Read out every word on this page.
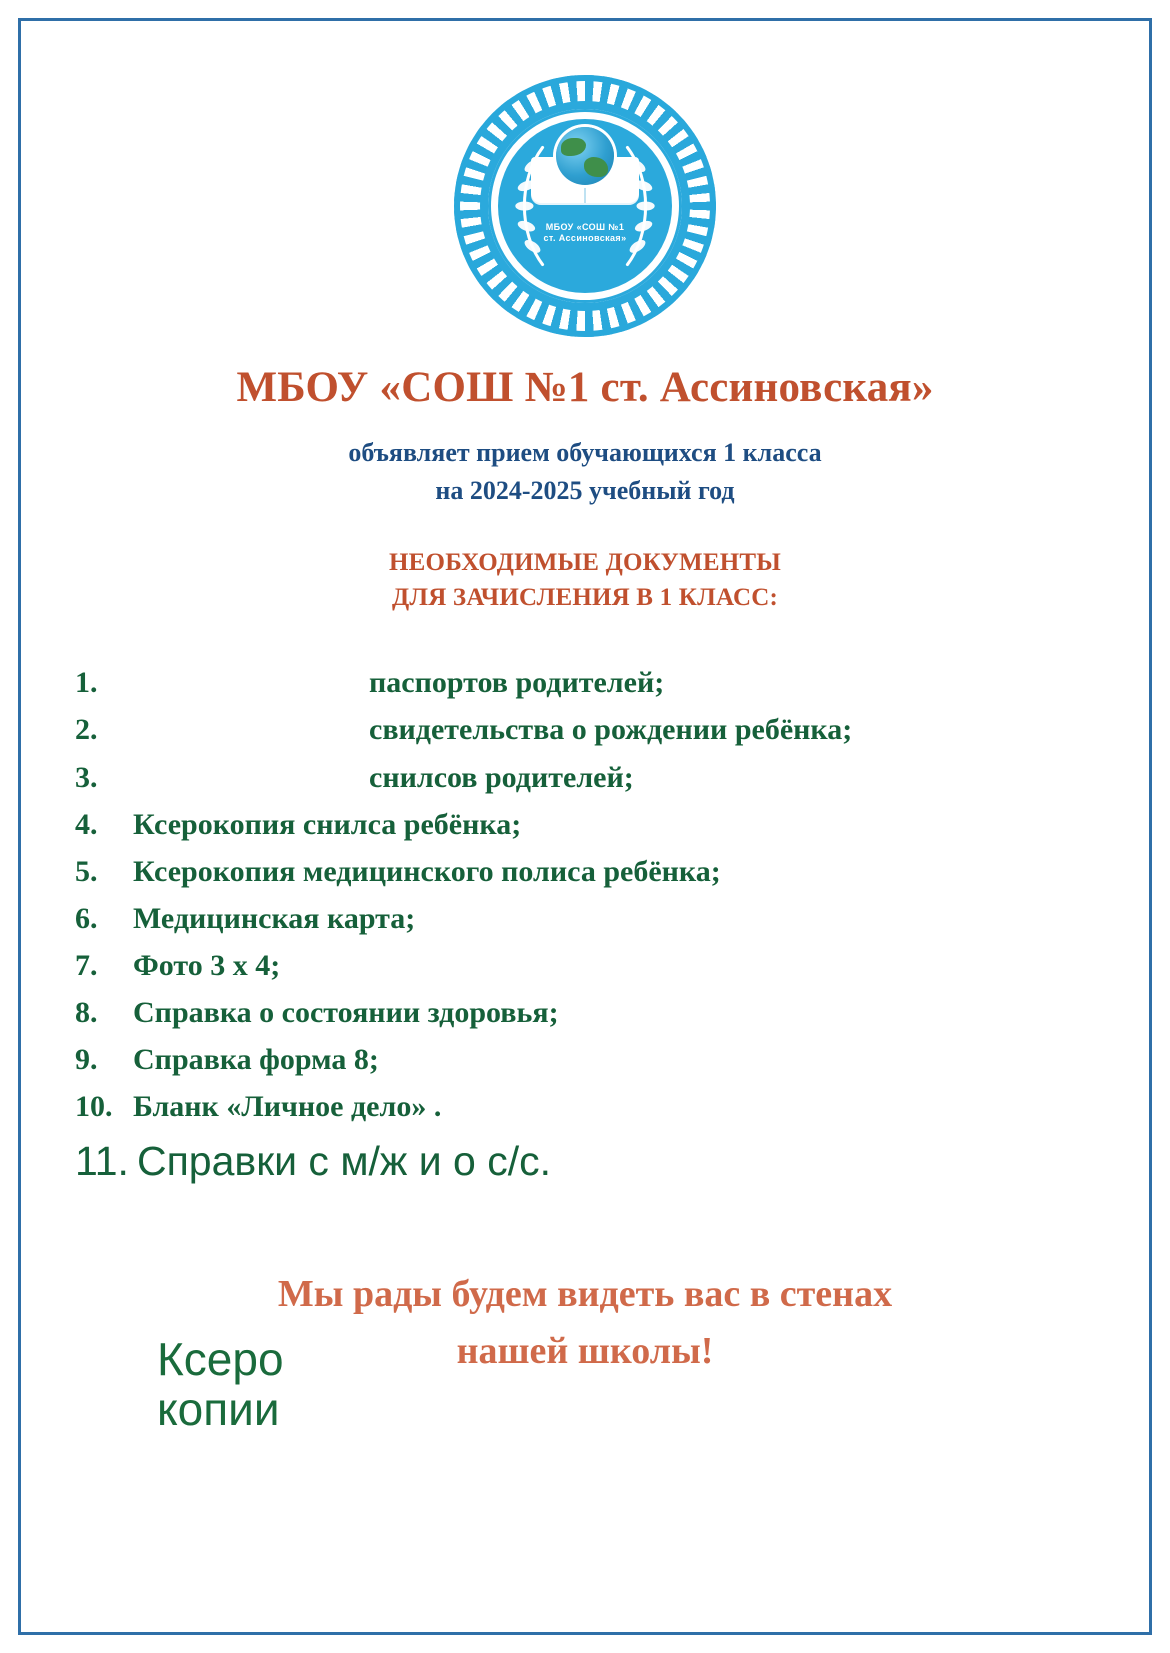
МБОУ «СОШ №1
ст. Ассиновская»
МБОУ «СОШ №1 ст. Ассиновская»
объявляет прием обучающихся 1 класса
на 2024-2025 учебный год
НЕОБХОДИМЫЕ ДОКУМЕНТЫ
ДЛЯ ЗАЧИСЛЕНИЯ В 1 КЛАСС:
1.	паспортов родителей;
2.	свидетельства о рождении ребёнка;
3.	снилсов родителей;
4.	Ксерокопия снилса ребёнка;
5.	Ксерокопия медицинского полиса ребёнка;
6.	Медицинская карта;
7.	Фото 3 х 4;
8.	Справка о состоянии здоровья;
9.	Справка форма 8;
10. Бланк «Личное дело» .
11. Справки с м/ж и о с/с.
Ксеро
копии
Мы рады будем видеть вас в стенах
нашей школы!
